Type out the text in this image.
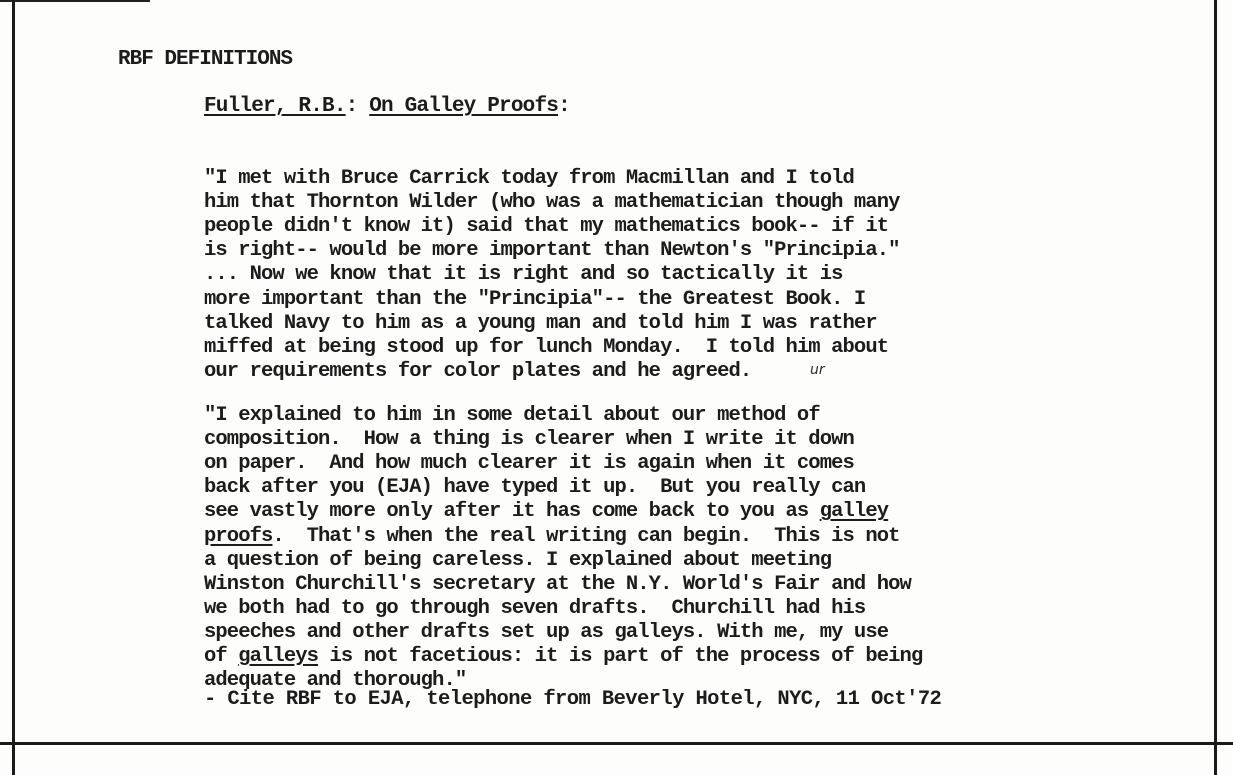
RBF DEFINITIONS
Fuller, R.B.: On Galley Proofs:

"I met with Bruce Carrick today from Macmillan and I told
him that Thornton Wilder (who was a mathematician though many
people didn't know it) said that my mathematics book-- if it
is right-- would be more important than Newton's "Principia."
... Now we know that it is right and so tactically it is
more important than the "Principia"-- the Greatest Book. I
talked Navy to him as a young man and told him I was rather
miffed at being stood up for lunch Monday.  I told him about
our requirements for color plates and he agreed.	ur

"I explained to him in some detail about our method of
composition.  How a thing is clearer when I write it down
on paper.  And how much clearer it is again when it comes
back after you (EJA) have typed it up.  But you really can
see vastly more only after it has come back to you as galley
proofs.  That's when the real writing can begin.  This is not
a question of being careless. I explained about meeting
Winston Churchill's secretary at the N.Y. World's Fair and how
we both had to go through seven drafts.  Churchill had his
speeches and other drafts set up as galleys. With me, my use
of galleys is not facetious: it is part of the process of being
adequate and thorough."
- Cite RBF to EJA, telephone from Beverly Hotel, NYC, 11 Oct'72
